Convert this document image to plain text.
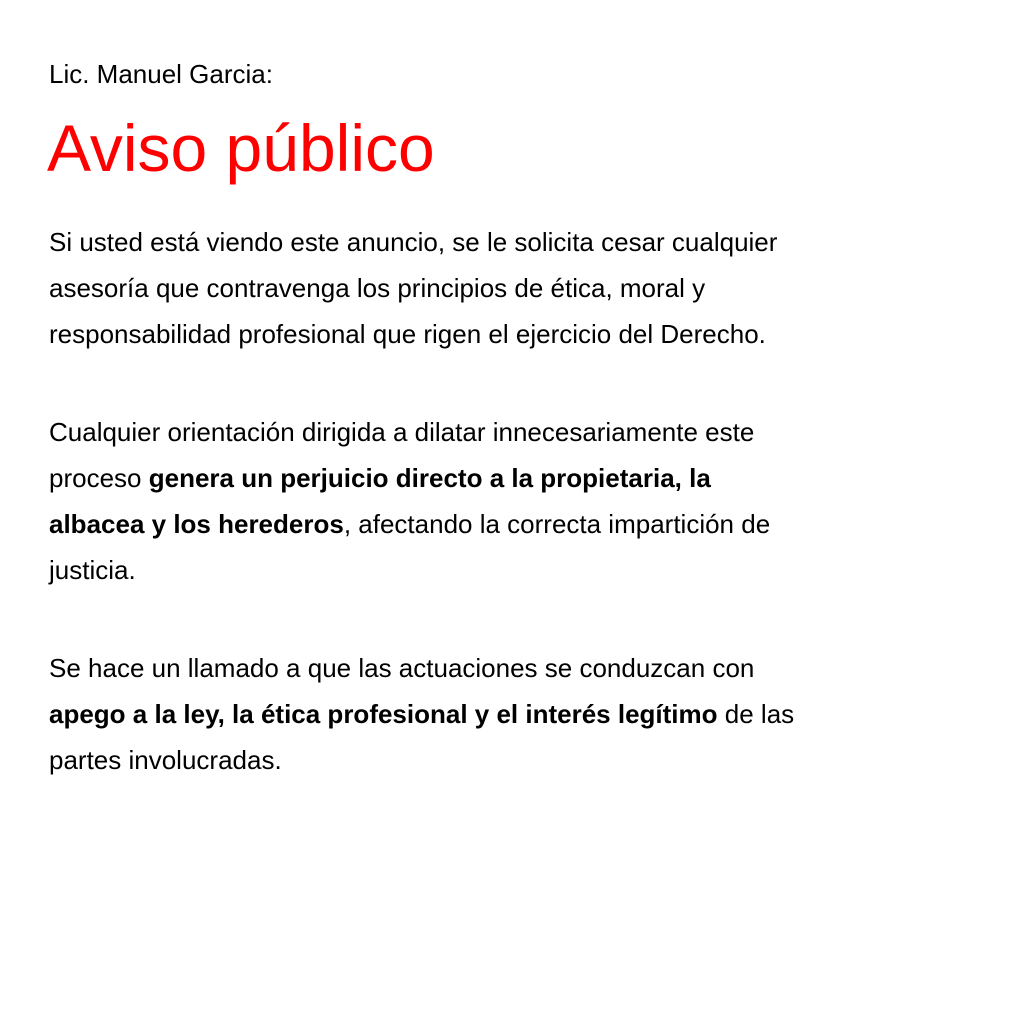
Lic. Manuel Garcia:

Aviso público

Si usted está viendo este anuncio, se le solicita cesar cualquier
asesoría que contravenga los principios de ética, moral y
responsabilidad profesional que rigen el ejercicio del Derecho.

Cualquier orientación dirigida a dilatar innecesariamente este
proceso genera un perjuicio directo a la propietaria, la
albacea y los herederos, afectando la correcta impartición de
justicia.

Se hace un llamado a que las actuaciones se conduzcan con
apego a la ley, la ética profesional y el interés legítimo de las
partes involucradas.
